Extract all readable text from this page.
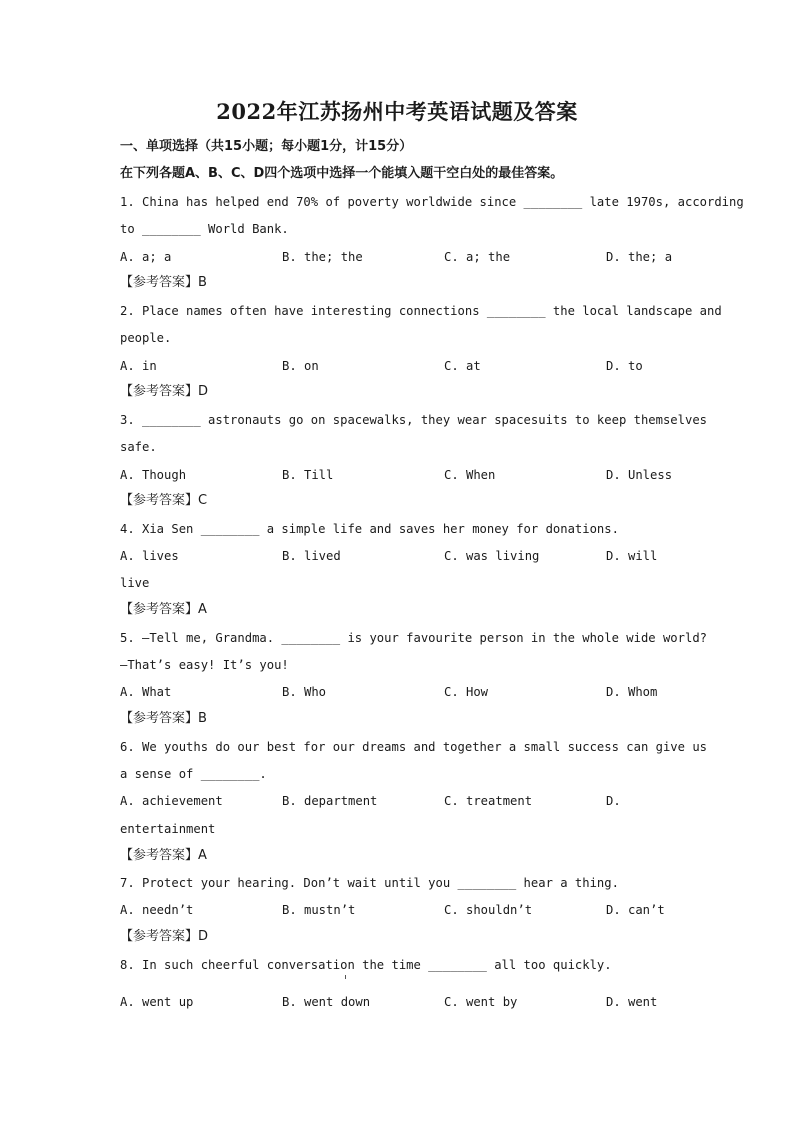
2022年江苏扬州中考英语试题及答案
一、单项选择（共15小题；每小题1分，计15分）
在下列各题A、B、C、D四个选项中选择一个能填入题干空白处的最佳答案。
1. China has helped end 70% of poverty worldwide since ________ late 1970s, according
to ________ World Bank.
A. a; a	B. the; the	C. a; the	D. the; a
【参考答案】B
2. Place names often have interesting connections ________ the local landscape and
people.
A. in	B. on	C. at	D. to
【参考答案】D
3. ________ astronauts go on spacewalks, they wear spacesuits to keep themselves
safe.
A. Though	B. Till	C. When	D. Unless
【参考答案】C
4. Xia Sen ________ a simple life and saves her money for donations.
A. lives	B. lived	C. was living	D. will
live
【参考答案】A
5. —Tell me, Grandma. ________ is your favourite person in the whole wide world?
—That’s easy! It’s you!
A. What	B. Who	C. How	D. Whom
【参考答案】B
6. We youths do our best for our dreams and together a small success can give us
a sense of ________.
A. achievement	B. department	C. treatment	D.
entertainment
【参考答案】A
7. Protect your hearing. Don’t wait until you ________ hear a thing.
A. needn’t	B. mustn’t	C. shouldn’t	D. can’t
【参考答案】D
8. In such cheerful conversation the time ________ all too quickly.
A. went up	B. went down	C. went by	D. went
